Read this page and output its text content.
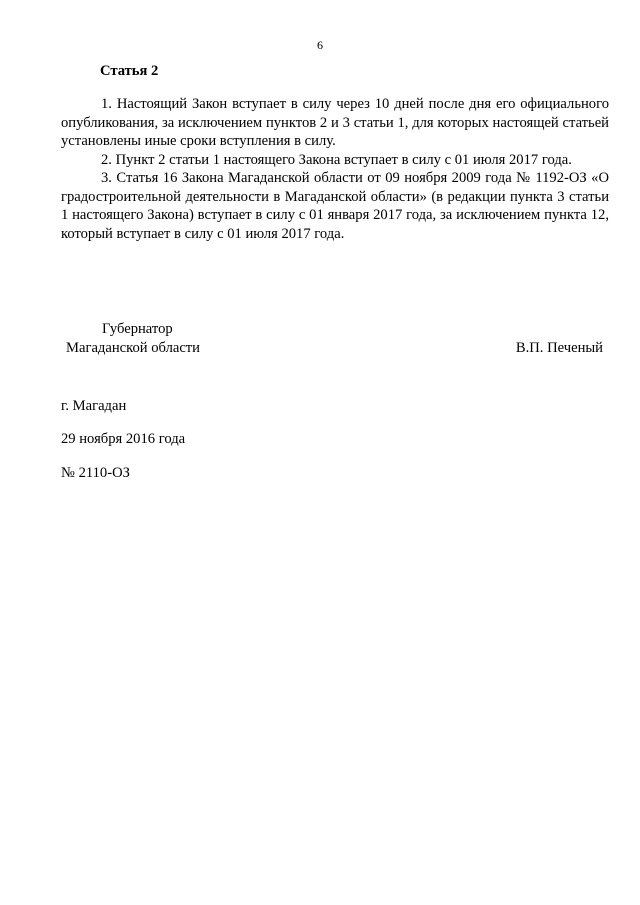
6
Статья 2

1. Настоящий Закон вступает в силу через 10 дней после дня его официального опубликования, за исключением пунктов 2 и 3 статьи 1, для которых настоящей статьей установлены иные сроки вступления в силу.

2. Пункт 2 статьи 1 настоящего Закона вступает в силу с 01 июля 2017 года.

3. Статья 16 Закона Магаданской области от 09 ноября 2009 года № 1192-ОЗ «О градостроительной деятельности в Магаданской области» (в редакции пункта 3 статьи 1 настоящего Закона) вступает в силу с 01 января 2017 года, за исключением пункта 12, который вступает в силу с 01 июля 2017 года.

Губернатор
Магаданской области	В.П. Печеный
г. Магадан
29 ноября 2016 года
№ 2110-ОЗ
